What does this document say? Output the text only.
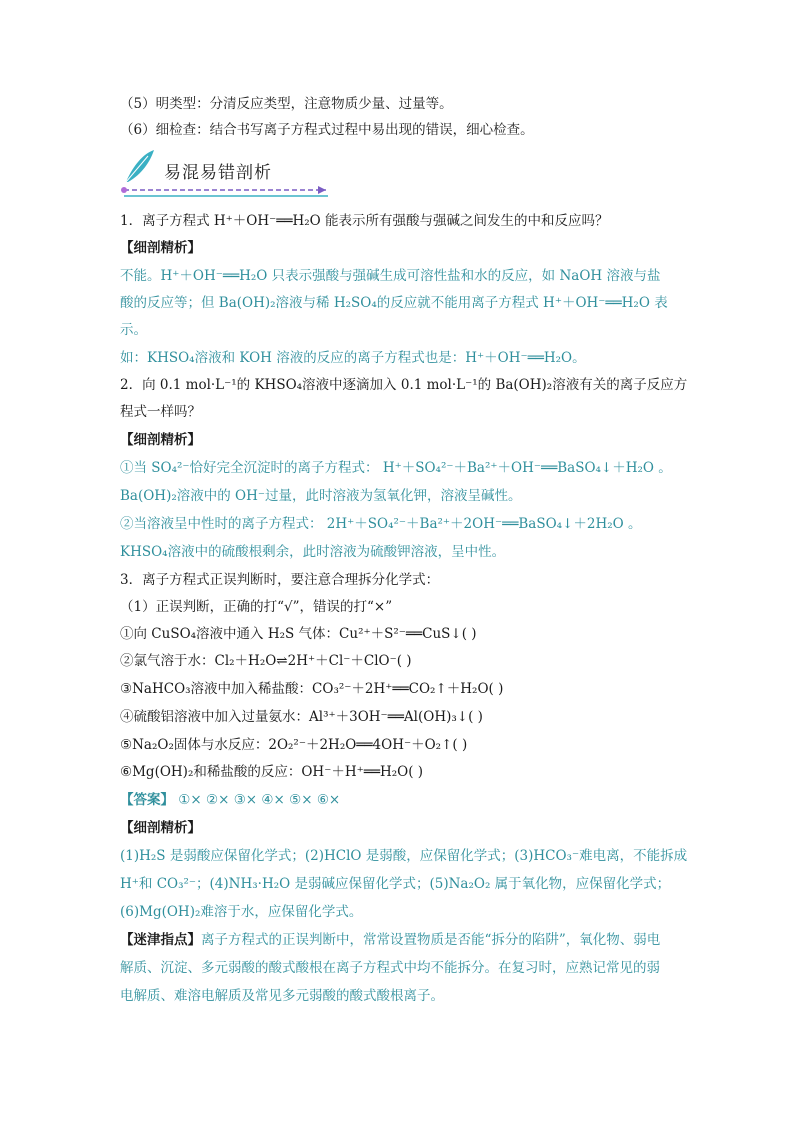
（5）明类型：分清反应类型，注意物质少量、过量等。
（6）细检查：结合书写离子方程式过程中易出现的错误，细心检查。
易混易错剖析
1．离子方程式 H⁺＋OH⁻══H₂O 能表示所有强酸与强碱之间发生的中和反应吗？
【细剖精析】
不能。H⁺＋OH⁻══H₂O 只表示强酸与强碱生成可溶性盐和水的反应，如 NaOH 溶液与盐
酸的反应等；但 Ba(OH)₂溶液与稀 H₂SO₄的反应就不能用离子方程式 H⁺＋OH⁻══H₂O 表
示。
如：KHSO₄溶液和 KOH 溶液的反应的离子方程式也是：H⁺＋OH⁻══H₂O。
2．向 0.1 mol·L⁻¹的 KHSO₄溶液中逐滴加入 0.1 mol·L⁻¹的 Ba(OH)₂溶液有关的离子反应方
程式一样吗？
【细剖精析】
①当 SO₄²⁻恰好完全沉淀时的离子方程式： H⁺＋SO₄²⁻＋Ba²⁺＋OH⁻══BaSO₄↓＋H₂O 。
Ba(OH)₂溶液中的 OH⁻过量，此时溶液为氢氧化钾，溶液呈碱性。
②当溶液呈中性时的离子方程式： 2H⁺＋SO₄²⁻＋Ba²⁺＋2OH⁻══BaSO₄↓＋2H₂O 。
KHSO₄溶液中的硫酸根剩余，此时溶液为硫酸钾溶液，呈中性。
3．离子方程式正误判断时，要注意合理拆分化学式：
（1）正误判断，正确的打“√”，错误的打“×”
①向 CuSO₄溶液中通入 H₂S 气体：Cu²⁺＋S²⁻══CuS↓( )
②氯气溶于水：Cl₂＋H₂O⇌2H⁺＋Cl⁻＋ClO⁻( )
③NaHCO₃溶液中加入稀盐酸：CO₃²⁻＋2H⁺══CO₂↑＋H₂O( )
④硫酸铝溶液中加入过量氨水：Al³⁺＋3OH⁻══Al(OH)₃↓( )
⑤Na₂O₂固体与水反应：2O₂²⁻＋2H₂O══4OH⁻＋O₂↑( )
⑥Mg(OH)₂和稀盐酸的反应：OH⁻＋H⁺══H₂O( )
【答案】 ①× ②× ③× ④× ⑤× ⑥×
【细剖精析】
(1)H₂S 是弱酸应保留化学式；(2)HClO 是弱酸，应保留化学式；(3)HCO₃⁻难电离，不能拆成
H⁺和 CO₃²⁻；(4)NH₃·H₂O 是弱碱应保留化学式；(5)Na₂O₂ 属于氧化物，应保留化学式；
(6)Mg(OH)₂难溶于水，应保留化学式。
【迷津指点】离子方程式的正误判断中，常常设置物质是否能“拆分的陷阱”，氧化物、弱电
解质、沉淀、多元弱酸的酸式酸根在离子方程式中均不能拆分。在复习时，应熟记常见的弱
电解质、难溶电解质及常见多元弱酸的酸式酸根离子。
